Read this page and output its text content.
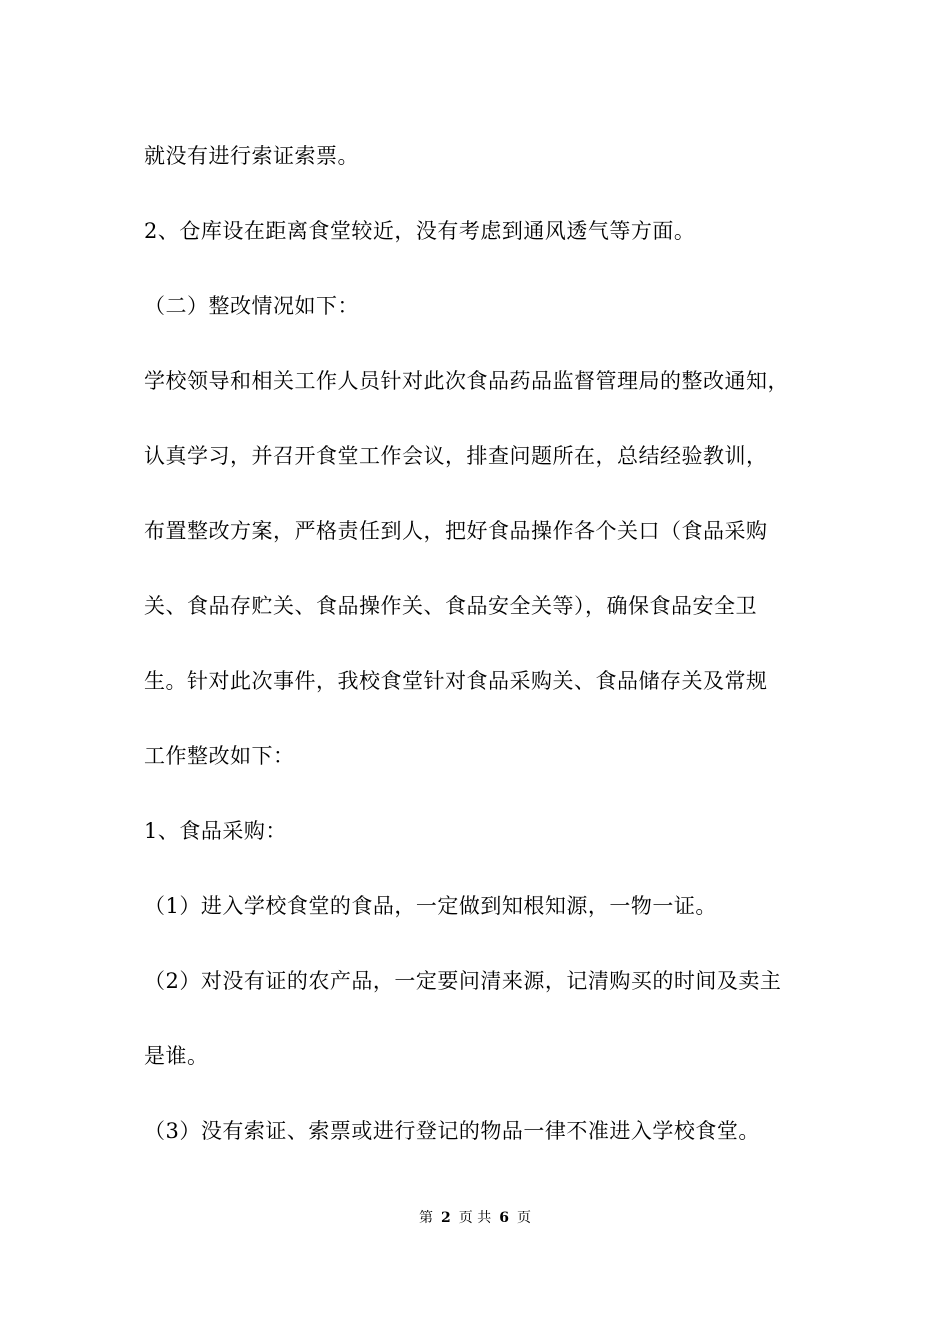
就没有进行索证索票。
2、仓库设在距离食堂较近，没有考虑到通风透气等方面。
（二）整改情况如下：
学校领导和相关工作人员针对此次食品药品监督管理局的整改通知，
认真学习，并召开食堂工作会议，排查问题所在，总结经验教训，
布置整改方案，严格责任到人，把好食品操作各个关口（食品采购
关、食品存贮关、食品操作关、食品安全关等），确保食品安全卫
生。针对此次事件，我校食堂针对食品采购关、食品储存关及常规
工作整改如下：
1、食品采购：
（1）进入学校食堂的食品，一定做到知根知源，一物一证。
（2）对没有证的农产品，一定要问清来源，记清购买的时间及卖主
是谁。
（3）没有索证、索票或进行登记的物品一律不准进入学校食堂。
第 2 页 共 6 页
